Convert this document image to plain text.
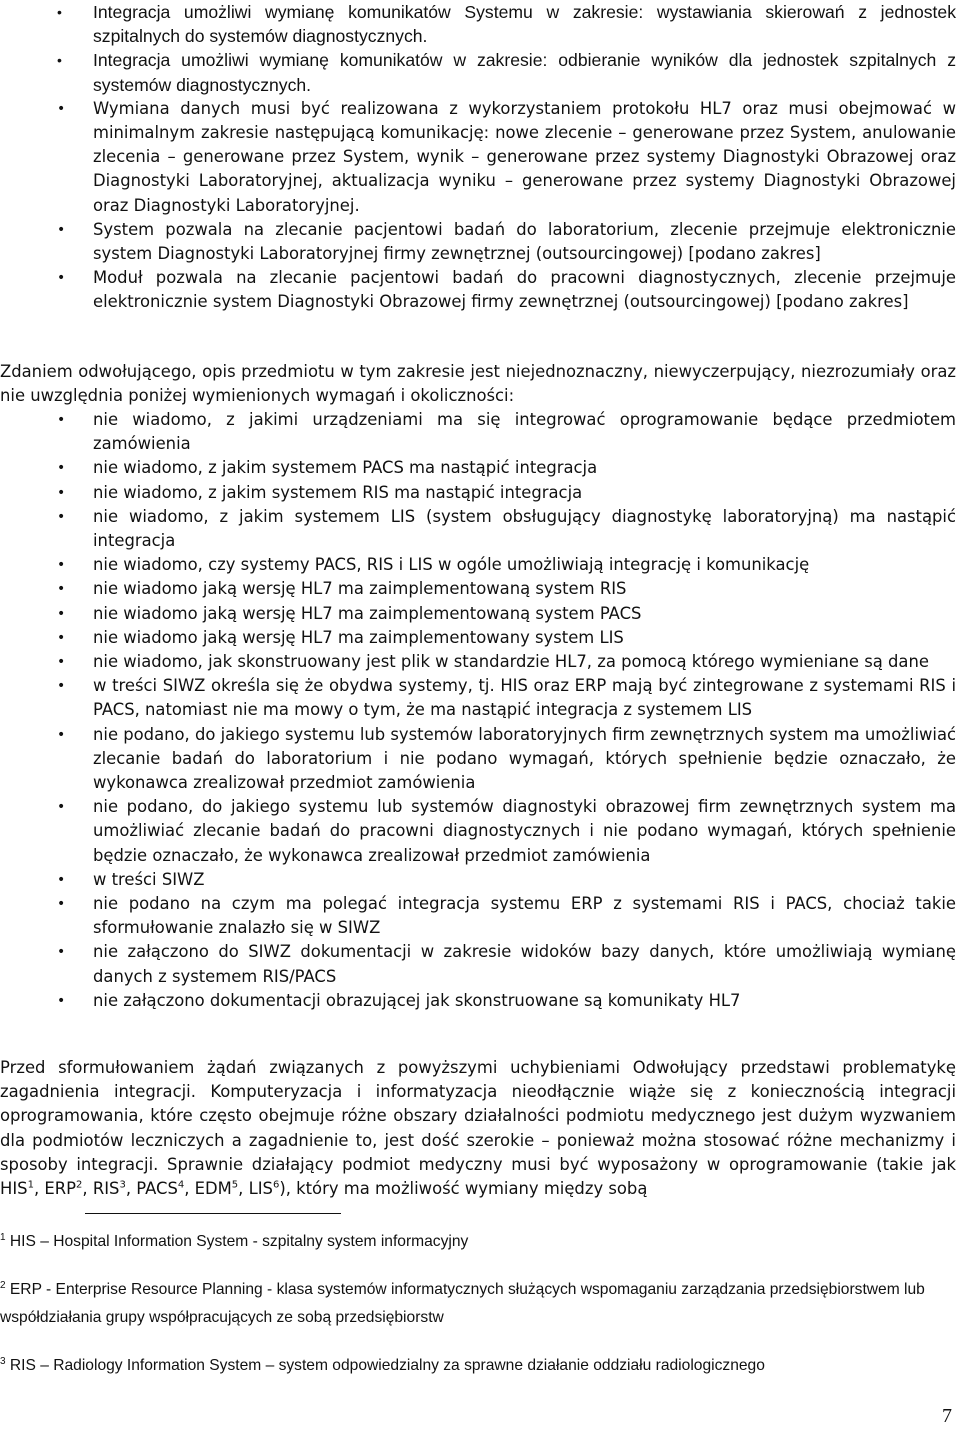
• Integracja umożliwi wymianę komunikatów Systemu w zakresie: wystawiania skierowań z jednostek szpitalnych do systemów diagnostycznych.
• Integracja umożliwi wymianę komunikatów w zakresie: odbieranie wyników dla jednostek szpitalnych z systemów diagnostycznych.
• Wymiana danych musi być realizowana z wykorzystaniem protokołu HL7 oraz musi obejmować w minimalnym zakresie następującą komunikację: nowe zlecenie – generowane przez System, anulowanie zlecenia – generowane przez System, wynik – generowane przez systemy Diagnostyki Obrazowej oraz Diagnostyki Laboratoryjnej, aktualizacja wyniku – generowane przez systemy Diagnostyki Obrazowej oraz Diagnostyki Laboratoryjnej.
• System pozwala na zlecanie pacjentowi badań do laboratorium, zlecenie przejmuje elektronicznie system Diagnostyki Laboratoryjnej firmy zewnętrznej (outsourcingowej) [podano zakres]
• Moduł pozwala na zlecanie pacjentowi badań do pracowni diagnostycznych, zlecenie przejmuje elektronicznie system Diagnostyki Obrazowej firmy zewnętrznej (outsourcingowej) [podano zakres]

Zdaniem odwołującego, opis przedmiotu w tym zakresie jest niejednoznaczny, niewyczerpujący, niezrozumiały oraz nie uwzględnia poniżej wymienionych wymagań i okoliczności:

• nie wiadomo, z jakimi urządzeniami ma się integrować oprogramowanie będące przedmiotem zamówienia
• nie wiadomo, z jakim systemem PACS ma nastąpić integracja
• nie wiadomo, z jakim systemem RIS ma nastąpić integracja
• nie wiadomo, z jakim systemem LIS (system obsługujący diagnostykę laboratoryjną) ma nastąpić integracja
• nie wiadomo, czy systemy PACS, RIS i LIS w ogóle umożliwiają integrację i komunikację
• nie wiadomo jaką wersję HL7 ma zaimplementowaną system RIS
• nie wiadomo jaką wersję HL7 ma zaimplementowaną system PACS
• nie wiadomo jaką wersję HL7 ma zaimplementowany system LIS
• nie wiadomo, jak skonstruowany jest plik w standardzie HL7, za pomocą którego wymieniane są dane
• w treści SIWZ określa się że obydwa systemy, tj. HIS oraz ERP mają być zintegrowane z systemami RIS i PACS, natomiast nie ma mowy o tym, że ma nastąpić integracja z systemem LIS
• nie podano, do jakiego systemu lub systemów laboratoryjnych firm zewnętrznych system ma umożliwiać zlecanie badań do laboratorium i nie podano wymagań, których spełnienie będzie oznaczało, że wykonawca zrealizował przedmiot zamówienia
• nie podano, do jakiego systemu lub systemów diagnostyki obrazowej firm zewnętrznych system ma umożliwiać zlecanie badań do pracowni diagnostycznych i nie podano wymagań, których spełnienie będzie oznaczało, że wykonawca zrealizował przedmiot zamówienia
• w treści SIWZ
• nie podano na czym ma polegać integracja systemu ERP z systemami RIS i PACS, chociaż takie sformułowanie znalazło się w SIWZ
• nie załączono do SIWZ dokumentacji w zakresie widoków bazy danych, które umożliwiają wymianę danych z systemem RIS/PACS
• nie załączono dokumentacji obrazującej jak skonstruowane są komunikaty HL7

Przed sformułowaniem żądań związanych z powyższymi uchybieniami Odwołujący przedstawi problematykę zagadnienia integracji. Komputeryzacja i informatyzacja nieodłącznie wiąże się z koniecznością integracji oprogramowania, które często obejmuje różne obszary działalności podmiotu medycznego jest dużym wyzwaniem dla podmiotów leczniczych a zagadnienie to, jest dość szerokie – ponieważ można stosować różne mechanizmy i sposoby integracji. Sprawnie działający podmiot medyczny musi być wyposażony w oprogramowanie (takie jak HIS$^1$, ERP$^2$, RIS$^3$, PACS$^4$, EDM$^5$, LIS$^6$), który ma możliwość wymiany między sobą

$^1$ HIS – Hospital Information System - szpitalny system informacyjny

$^2$ ERP - Enterprise Resource Planning - klasa systemów informatycznych służących wspomaganiu zarządzania przedsiębiorstwem lub współdziałania grupy współpracujących ze sobą przedsiębiorstw

$^3$ RIS – Radiology Information System – system odpowiedzialny za sprawne działanie oddziału radiologicznego

7
